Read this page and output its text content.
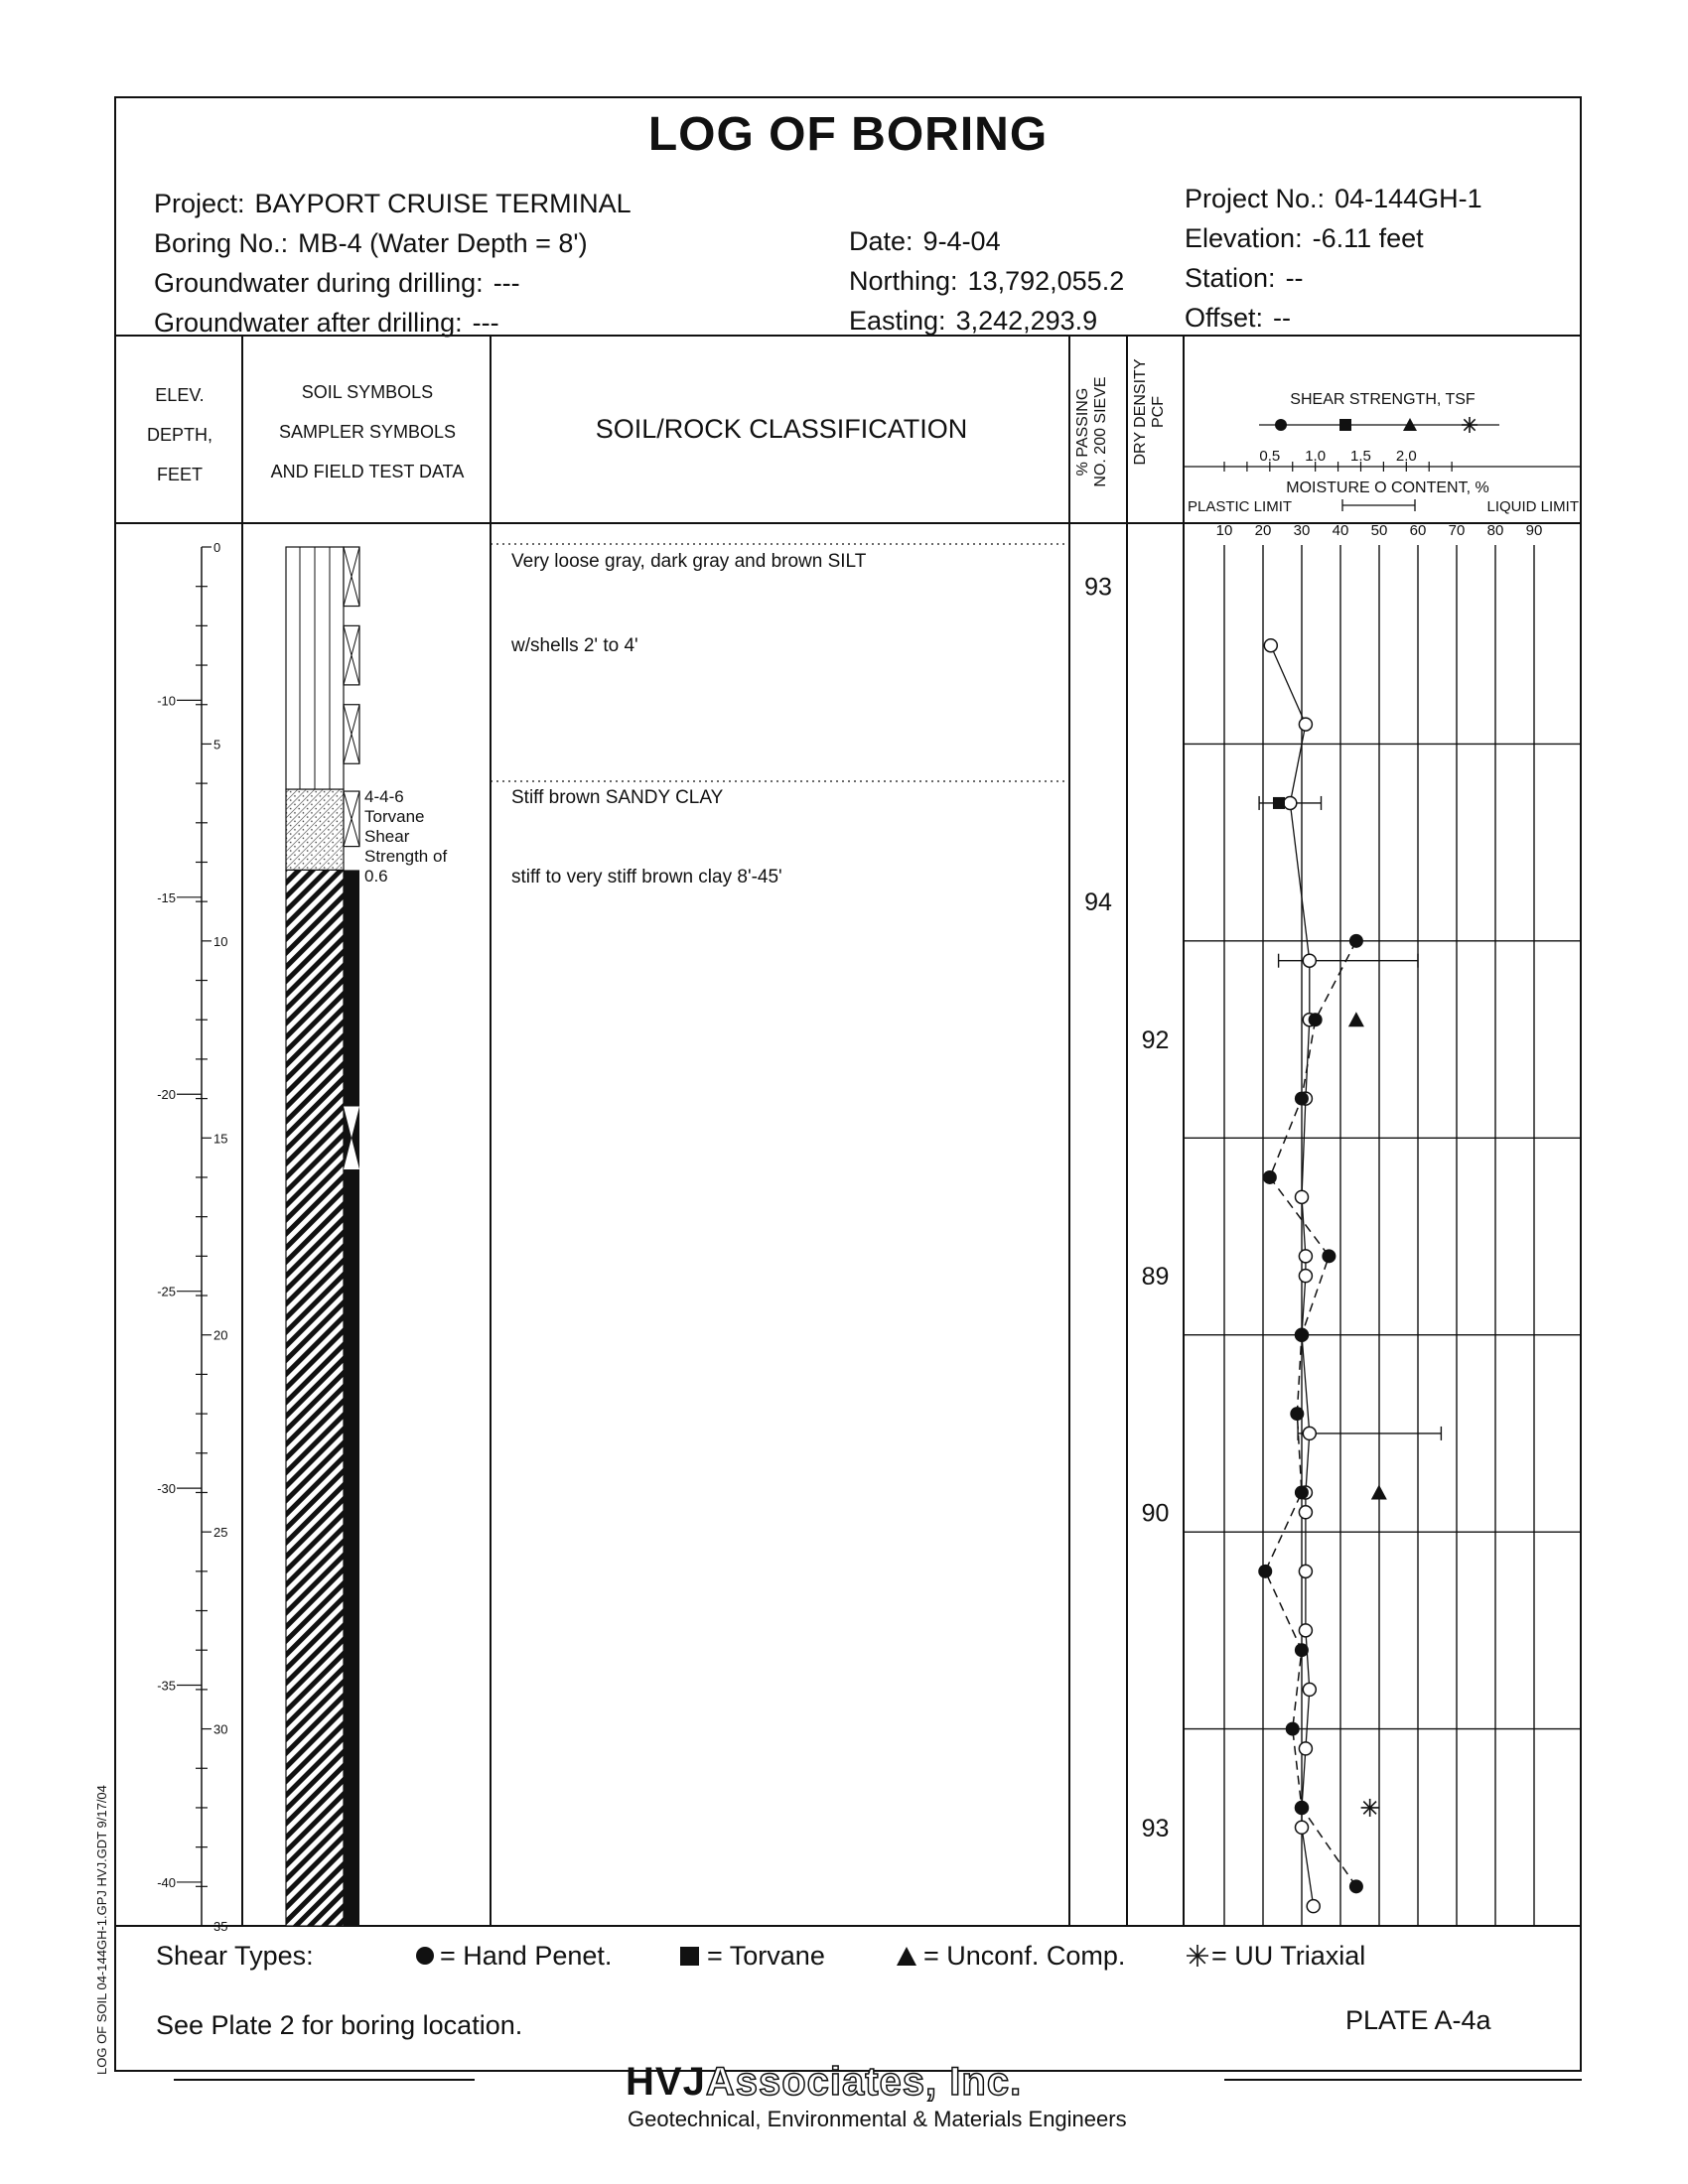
LOG OF BORING
Project: BAYPORT CRUISE TERMINAL
Boring No.: MB-4 (Water Depth = 8')
Groundwater during drilling: ---
Groundwater after drilling: ---
Date: 9-4-04
Northing: 13,792,055.2
Easting: 3,242,293.9
Project No.: 04-144GH-1
Elevation: -6.11 feet
Station: --
Offset: --
ELEV.
DEPTH,
FEET
SOIL SYMBOLS
SAMPLER SYMBOLS
AND FIELD TEST DATA
SOIL/ROCK CLASSIFICATION	% PASSING NO. 200 SIEVE DRY DENSITY PCF
Very loose gray, dark gray and brown SILT
w/shells 2' to 4'
Stiff brown SANDY CLAY
stiff to very stiff brown clay 8'-45'
4-4-6
Torvane
Shear
Strength of
0.6
0
5
10
15
20
25
30
35
-10
-15
-20
-25
-30
-35
-40
93
94
92
89
90
93
SHEAR STRENGTH, TSF
0.5 1.0 1.5 2.0
MOISTURE O CONTENT, %
PLASTIC LIMIT	LIQUID LIMIT
10 20 30 40 50 60 70 80 90
Shear Types:	= Hand Penet.	= Torvane	= Unconf. Comp.	= UU Triaxial
See Plate 2 for boring location.	PLATE A-4a
LOG OF SOIL 04-144GH-1.GPJ HVJ.GDT 9/17/04
HVJAssociates, Inc.
Geotechnical, Environmental & Materials Engineers
